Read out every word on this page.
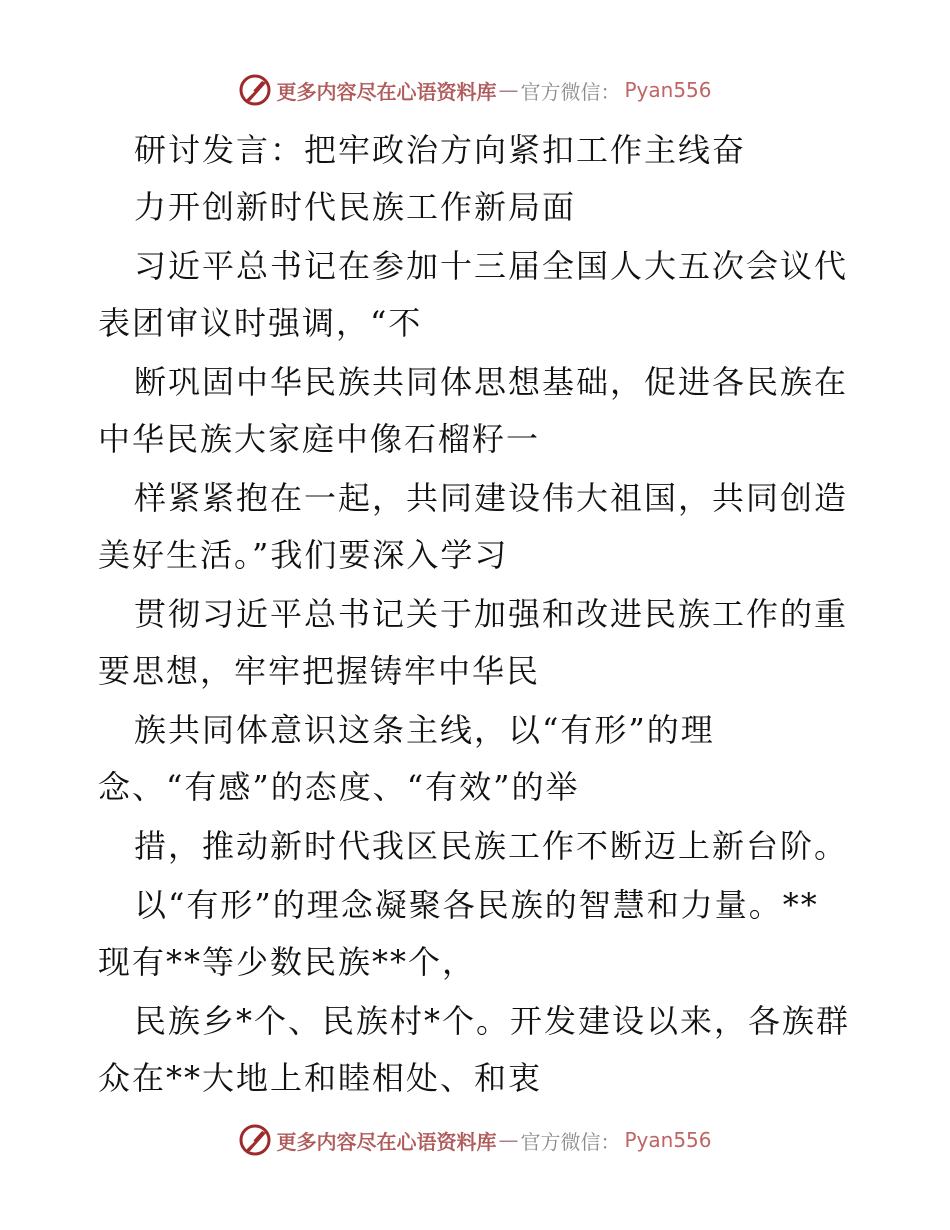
更多内容尽在心语资料库 — 官方微信： Pyan556
研讨发言：把牢政治方向紧扣工作主线奋
力开创新时代民族工作新局面
习近平总书记在参加十三届全国人大五次会议代
表团审议时强调，“不
断巩固中华民族共同体思想基础，促进各民族在
中华民族大家庭中像石榴籽一
样紧紧抱在一起，共同建设伟大祖国，共同创造
美好生活。”我们要深入学习
贯彻习近平总书记关于加强和改进民族工作的重
要思想，牢牢把握铸牢中华民
族共同体意识这条主线，以“有形”的理
念、“有感”的态度、“有效”的举
措，推动新时代我区民族工作不断迈上新台阶。
以“有形”的理念凝聚各民族的智慧和力量。**
现有**等少数民族**个，
民族乡*个、民族村*个。开发建设以来，各族群
众在**大地上和睦相处、和衷
更多内容尽在心语资料库 — 官方微信： Pyan556
